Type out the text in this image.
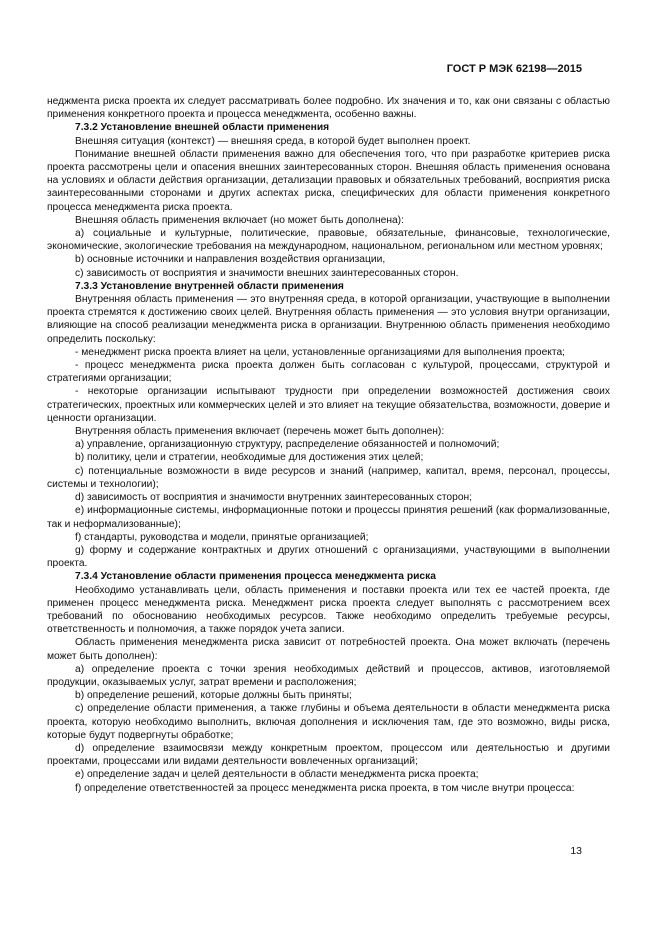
ГОСТ Р МЭК 62198—2015

неджмента риска проекта их следует рассматривать более подробно. Их значения и то, как они связаны с областью применения конкретного проекта и процесса менеджмента, особенно важны.

7.3.2 Установление внешней области применения

Внешняя ситуация (контекст) — внешняя среда, в которой будет выполнен проект.

Понимание внешней области применения важно для обеспечения того, что при разработке критериев риска проекта рассмотрены цели и опасения внешних заинтересованных сторон. Внешняя область применения основана на условиях и области действия организации, детализации правовых и обязательных требований, восприятия риска заинтересованными сторонами и других аспектах риска, специфических для области применения конкретного процесса менеджмента риска проекта.

Внешняя область применения включает (но может быть дополнена):

а) социальные и культурные, политические, правовые, обязательные, финансовые, технологические, экономические, экологические требования на международном, национальном, региональном или местном уровнях;

b) основные источники и направления воздействия организации,

с) зависимость от восприятия и значимости внешних заинтересованных сторон.

7.3.3 Установление внутренней области применения

Внутренняя область применения — это внутренняя среда, в которой организации, участвующие в выполнении проекта стремятся к достижению своих целей. Внутренняя область применения — это условия внутри организации, влияющие на способ реализации менеджмента риска в организации. Внутреннюю область применения необходимо определить поскольку:

- менеджмент риска проекта влияет на цели, установленные организациями для выполнения проекта;

- процесс менеджмента риска проекта должен быть согласован с культурой, процессами, структурой и стратегиями организации;

- некоторые организации испытывают трудности при определении возможностей достижения своих стратегических, проектных или коммерческих целей и это влияет на текущие обязательства, возможности, доверие и ценности организации.

Внутренняя область применения включает (перечень может быть дополнен):

а) управление, организационную структуру, распределение обязанностей и полномочий;

b) политику, цели и стратегии, необходимые для достижения этих целей;

с) потенциальные возможности в виде ресурсов и знаний (например, капитал, время, персонал, процессы, системы и технологии);

d) зависимость от восприятия и значимости внутренних заинтересованных сторон;

е) информационные системы, информационные потоки и процессы принятия решений (как формализованные, так и неформализованные);

f) стандарты, руководства и модели, принятые организацией;

g) форму и содержание контрактных и других отношений с организациями, участвующими в выполнении проекта.

7.3.4 Установление области применения процесса менеджмента риска

Необходимо устанавливать цели, область применения и поставки проекта или тех ее частей проекта, где применен процесс менеджмента риска. Менеджмент риска проекта следует выполнять с рассмотрением всех требований по обоснованию необходимых ресурсов. Также необходимо определить требуемые ресурсы, ответственность и полномочия, а также порядок учета записи.

Область применения менеджмента риска зависит от потребностей проекта. Она может включать (перечень может быть дополнен):

а) определение проекта с точки зрения необходимых действий и процессов, активов, изготовляемой продукции, оказываемых услуг, затрат времени и расположения;

b) определение решений, которые должны быть приняты;

с) определение области применения, а также глубины и объема деятельности в области менеджмента риска проекта, которую необходимо выполнить, включая дополнения и исключения там, где это возможно, виды риска, которые будут подвергнуты обработке;

d) определение взаимосвязи между конкретным проектом, процессом или деятельностью и другими проектами, процессами или видами деятельности вовлеченных организаций;

е) определение задач и целей деятельности в области менеджмента риска проекта;

f) определение ответственностей за процесс менеджмента риска проекта, в том числе внутри процесса:

13
